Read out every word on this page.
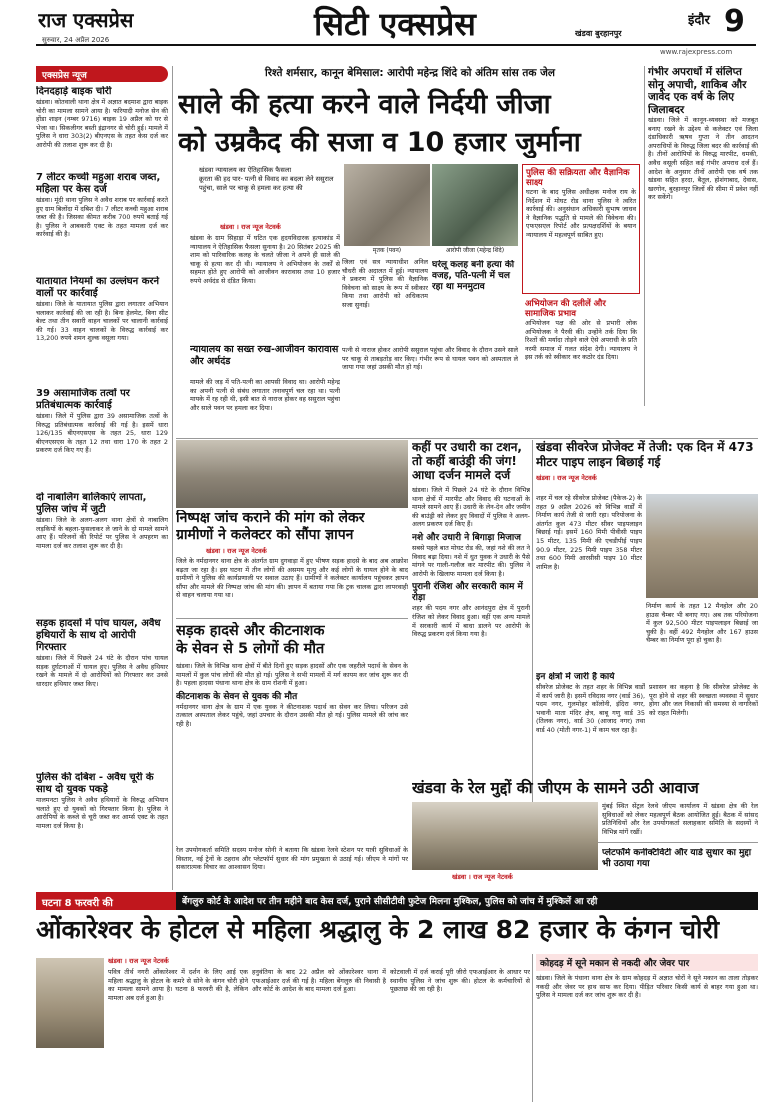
राज एक्सप्रेस
सुरुवार, 24 अप्रैल 2026	सिटी एक्सप्रेस	खंडवा बुरहानपुर
इंदौर 9
www.rajexpress.com
एक्सप्रेस न्यूज

दिनदहाड़े बाइक चोरी

खंडवा। कोतवाली थाना क्षेत्र में अज्ञात बदमाश द्वारा बाइक चोरी का मामला सामने आया है। फरियादी मनोज सेन की होंडा शाइन (नम्बर 9716) बाइक 19 अप्रैल को घर से भेजा था। सिकलीगर बस्ती इंद्रानगर से चोरी हुई। मामले में पुलिस ने धारा 303(2) बीएनएस के तहत केस दर्ज कर आरोपी की तलाश शुरू कर दी है।

7 लीटर कच्ची महुआ शराब जब्त, महिला पर केस दर्ज

खंडवा। मूंदी थाना पुलिस ने अवैध शराब पर कार्रवाई करते हुए ग्राम बिलोंदा में दबिश दी। 7 लीटर कच्ची महुआ शराब जब्त की है। जिसका कीमत करीब 700 रुपये बताई गई है। पुलिस ने आबकारी एक्ट के तहत मामला दर्ज कर कार्रवाई की है।

यातायात नियमों का उल्लंघन करने वालों पर कार्रवाई

खंडवा। जिले के यातायात पुलिस द्वारा लगातार अभियान चलाकर कार्रवाई की जा रही है। बिना हेलमेट, बिना सीट बेल्ट तथा तीन सवारी वाहन चालकों पर चालानी कार्रवाई की गई। 33 वाहन चालकों के विरुद्ध कार्रवाई कर 13,200 रुपये शमन शुल्क वसूला गया।

39 असामाजिक तत्वों पर प्रतिबंधात्मक कार्रवाई

खंडवा। जिले में पुलिस द्वारा 39 असामाजिक तत्वों के विरुद्ध प्रतिबंधात्मक कार्रवाई की गई है। इसमें धारा 126/135 बीएनएसएस के तहत 25, धारा 129 बीएनएसएस के तहत 12 तथा धारा 170 के तहत 2 प्रकरण दर्ज किए गए हैं।

दो नाबालिग बालिकाएं लापता, पुलिस जांच में जुटी

खंडवा। जिले के अलग-अलग थाना क्षेत्रों से नाबालिग लड़कियों के बहला-फुसलाकर ले जाने के दो मामले सामने आए हैं। परिजनों की रिपोर्ट पर पुलिस ने अपहरण का मामला दर्ज कर तलाश शुरू कर दी है।

सड़क हादसों में पांच घायल, अवैध हथियारों के साथ दो आरोपी गिरफ्तार

खंडवा। जिले में पिछले 24 घंटे के दौरान पांच घायल सड़क दुर्घटनाओं में घायल हुए। पुलिस ने अवैध हथियार रखने के मामले में दो आरोपियों को गिरफ्तार कर उनसे धारदार हथियार जब्त किए।

पुलिस की दबिश - अवैध चूरी के साथ दो युवक पकड़े

मालमनटा पुलिस ने अवैध हथियारों के विरुद्ध अभियान चलाते हुए दो युवकों को गिरफ्तार किया है। पुलिस ने आरोपियों के कब्जे से चूरी जब्त कर आर्म्स एक्ट के तहत मामला दर्ज किया है।

रिश्ते शर्मसार, कानून बेमिसाल: आरोपी महेन्द्र शिंदे को अंतिम सांस तक जेल
साले की हत्या करने वाले निर्दयी जीजा
को उम्रकैद की सजा व 10 हजार जुर्माना
• खंडवा न्यायालय का ऐतिहासिक फैसला
• क्रूरता की हद पार- पत्नी से विवाद का बदला लेने ससुराल पहुंचा, साले पर चाकू से हमला कर हत्या की
मृतक (पवन)	आरोपी जीजा (महेन्द्र शिंदे)
खंडवा । राज न्यूज नेटवर्क

खंडवा के ग्राम सिहाड़ा में घटित एक हृदयविदारक हत्याकांड में न्यायालय ने ऐतिहासिक फैसला सुनाया है। 20 सितंबर 2025 की शाम को पारिवारिक कलह के चलते जीजा ने अपने ही साले की चाकू से हत्या कर दी थी। न्यायालय ने अभियोजन के तर्कों से सहमत होते हुए आरोपी को आजीवन कारावास तथा 10 हजार रुपये अर्थदंड से दंडित किया।

जिला एवं सत्र न्यायाधीश अनिल चौधरी की अदालत में हुई। न्यायालय ने प्रकरण में पुलिस की वैज्ञानिक विवेचना को साक्ष्य के रूप में स्वीकार किया तथा आरोपी को अधिकतम सजा सुनाई।

घरेलू कलह बनी हत्या की वजह, पति-पत्नी में चल रहा था मनमुटाव
न्यायालय का सख्त रुख-आजीवन कारावास और अर्थदंड

मामले की जड़ में पति-पत्नी का आपसी विवाद था। आरोपी महेन्द्र का अपनी पत्नी से संबंध लगातार तनावपूर्ण चल रहा था। पत्नी मायके में रह रही थी, इसी बात से नाराज होकर वह ससुराल पहुंचा और साले पवन पर हमला कर दिया।

पत्नी से नाराज होकर आरोपी ससुराल पहुंचा और विवाद के दौरान उसने साले पर चाकू से ताबड़तोड़ वार किए। गंभीर रूप से घायल पवन को अस्पताल ले जाया गया जहां उसकी मौत हो गई।

पुलिस की सक्रियता और वैज्ञानिक साक्ष्य

घटना के बाद पुलिस अधीक्षक मनोज राय के निर्देशन में मोघट रोड थाना पुलिस ने त्वरित कार्रवाई की। अनुसंधान अधिकारी सुभाष जाधव ने वैज्ञानिक पद्धति से मामले की विवेचना की। एफएसएल रिपोर्ट और प्रत्यक्षदर्शियों के बयान न्यायालय में महत्वपूर्ण साबित हुए।

अभियोजन की दलीलें और सामाजिक प्रभाव

अभियोजन पक्ष की ओर से प्रभारी लोक अभियोजक ने पैरवी की। उन्होंने तर्क दिया कि रिश्तों की मर्यादा तोड़ने वाले ऐसे अपराधी के प्रति नरमी समाज में गलत संदेश देगी। न्यायालय ने इस तर्क को स्वीकार कर कठोर दंड दिया।

गंभीर अपराधों में संलिप्त सोनू अपाची, शाकिब और जावेद एक वर्ष के लिए जिलाबदर

खंडवा। जिले में कानून-व्यवस्था को मजबूत बनाए रखने के उद्देश्य से कलेक्टर एवं जिला दंडाधिकारी ऋषव गुप्ता ने तीन आदतन अपराधियों के विरुद्ध जिला बदर की कार्रवाई की है। तीनों आरोपियों के विरुद्ध मारपीट, धमकी, अवैध वसूली सहित कई गंभीर अपराध दर्ज हैं। आदेश के अनुसार तीनों आरोपी एक वर्ष तक खंडवा सहित हरदा, बैतूल, होशंगाबाद, देवास, खरगोन, बुरहानपुर जिलों की सीमा में प्रवेश नहीं कर सकेंगे।

कहीं पर उधारी का टशन,

तो कहीं बाउंड्री की जंग!

आधा दर्जन मामले दर्ज

खंडवा। जिले में पिछले 24 घंटे के दौरान विभिन्न थाना क्षेत्रों में मारपीट और विवाद की घटनाओं के मामले सामने आए हैं। उधारी के लेन-देन और जमीन की बाउंड्री को लेकर हुए विवादों में पुलिस ने अलग-अलग प्रकरण दर्ज किए हैं।

नशे और उधारी ने बिगाड़ा मिजाज

सबसे पहले बात मोघट रोड की, जहां नशे की लत ने विवाद बढ़ा दिया। नशे में धुत युवक ने उधारी के पैसे मांगने पर गाली-गलौज कर मारपीट की। पुलिस ने आरोपी के खिलाफ मामला दर्ज किया है।

पुरानी रंजिश और सरकारी काम में रोड़ा

शहर की पदम नगर और आनंदपुरा क्षेत्र में पुरानी रंजिश को लेकर विवाद हुआ। वहीं एक अन्य मामले में सरकारी कार्य में बाधा डालने पर आरोपी के विरुद्ध प्रकरण दर्ज किया गया है।

निष्पक्ष जांच कराने की मांग को लेकर
ग्रामीणों ने कलेक्टर को सौंपा ज्ञापन
खंडवा । राज न्यूज नेटवर्क

जिले के नर्मदानगर थाना क्षेत्र के अंतर्गत ग्राम दुगवाड़ा में हुए भीषण सड़क हादसे के बाद अब आक्रोश बढ़ता जा रहा है। इस घटना में तीन लोगों की असमय मृत्यु और कई लोगों के घायल होने के बाद ग्रामीणों ने पुलिस की कार्यप्रणाली पर सवाल उठाए हैं। ग्रामीणों ने कलेक्टर कार्यालय पहुंचकर ज्ञापन सौंपा और मामले की निष्पक्ष जांच की मांग की। ज्ञापन में बताया गया कि ट्रक चालक द्वारा लापरवाही से वाहन चलाया गया था।

सड़क हादसे और कीटनाशक
के सेवन से 5 लोगों की मौत

खंडवा। जिले के विभिन्न थाना क्षेत्रों में बीते दिनों हुए सड़क हादसों और एक जहरीले पदार्थ के सेवन के मामलों में कुल पांच लोगों की मौत हो गई। पुलिस ने सभी मामलों में मर्ग कायम कर जांच शुरू कर दी है। पहला हादसा पंधाना थाना क्षेत्र के ग्राम रोशनी में हुआ।

कीटनाशक के सेवन से युवक की मौत

नर्मदानगर थाना क्षेत्र के ग्राम में एक युवक ने कीटनाशक पदार्थ का सेवन कर लिया। परिजन उसे तत्काल अस्पताल लेकर पहुंचे, जहां उपचार के दौरान उसकी मौत हो गई। पुलिस मामले की जांच कर रही है।

खंडवा सीवरेज प्रोजेक्ट में तेजी: एक दिन में 473 मीटर पाइप लाइन बिछाई गई

खंडवा । राज न्यूज नेटवर्क

शहर में चल रहे सीवरेज प्रोजेक्ट (पैकेज-2) के तहत 9 अप्रैल 2026 को विभिन्न वार्डों में निर्माण कार्य तेजी से जारी रहा। परियोजना के अंतर्गत कुल 473 मीटर सीवर पाइपलाइन बिछाई गई। इसमें 160 मिमी पीवीसी पाइप 15 मीटर, 135 मिमी की एचडीपीई पाइप 90.9 मीटर, 225 मिमी पाइप 358 मीटर तथा 600 मिमी आरसीसी पाइप 10 मीटर शामिल है।

निर्माण कार्य के तहत 12 मैनहोल और 20 हाउस चैम्बर भी बनाए गए। अब तक परियोजना में कुल 92,500 मीटर पाइपलाइन बिछाई जा चुकी है। वहीं 492 मैनहोल और 167 हाउस चैम्बर का निर्माण पूरा हो चुका है।

इन क्षेत्रों में जारी है कार्य

सीवरेज प्रोजेक्ट के तहत शहर के विभिन्न वार्डों में कार्य जारी है। इसमें रविदास नगर (वार्ड 36), पदम नगर, गुलमोहर कॉलोनी, इंदिरा नगर, भवानी माता मंदिर क्षेत्र, बाबू गणु वार्ड 35 (तिलक नगर), वार्ड 30 (आजाद नगर) तथा वार्ड 40 (मोती नगर-1) में काम चल रहा है।

प्रशासन का कहना है कि सीवरेज प्रोजेक्ट के पूरा होने से शहर की स्वच्छता व्यवस्था में सुधार होगा और जल निकासी की समस्या से नागरिकों को राहत मिलेगी।

खंडवा के रेल मुद्दों की जीएम के सामने उठी आवाज

मुंबई स्थित सेंट्रल रेलवे जीएम कार्यालय में खंडवा क्षेत्र की रेल सुविधाओं को लेकर महत्वपूर्ण बैठक आयोजित हुई। बैठक में सांसद प्रतिनिधियों और रेल उपयोगकर्ता सलाहकार समिति के सदस्यों ने विभिन्न मांगें रखीं।

खंडवा । राज न्यूज नेटवर्क

रेल उपयोगकर्ता समिति सदस्य मनोज सोनी ने बताया कि खंडवा रेलवे स्टेशन पर यात्री सुविधाओं के विस्तार, नई ट्रेनों के ठहराव और प्लेटफॉर्म सुधार की मांग प्रमुखता से उठाई गई। जीएम ने मांगों पर सकारात्मक विचार का आश्वासन दिया।

प्लेटफॉर्म कनेक्टिविटी और यार्ड सुधार का मुद्दा भी उठाया गया

घटना 8 फरवरी की	बेंगलुरु कोर्ट के आदेश पर तीन महीने बाद केस दर्ज, पुराने सीसीटीवी फुटेज मिलना मुश्किल, पुलिस को जांच में मुश्किलें आ रही
ओंकारेश्वर के होटल से महिला श्रद्धालु के 2 लाख 82 हजार के कंगन चोरी
खंडवा । राज न्यूज नेटवर्क

पवित्र तीर्थ नगरी ओंकारेश्वर में दर्शन के लिए आई एक महिला श्रद्धालु के होटल के कमरे से सोने के कंगन चोरी होने का मामला सामने आया है। घटना 8 फरवरी की है, लेकिन मामला अब दर्ज हुआ है।

हनुवंतिया के बाद 22 अप्रैल को ओंकारेश्वर थाना में एफआईआर दर्ज की गई है। महिला बेंगलुरु की निवासी है और कोर्ट के आदेश के बाद मामला दर्ज हुआ।

कोटवाली में दर्ज कराई पूरी जीरो एफआईआर के आधार पर स्थानीय पुलिस ने जांच शुरू की। होटल के कर्मचारियों से पूछताछ की जा रही है।

कोहदड़ में सूने मकान से नकदी और जेवर पार

खंडवा। जिले के पंधाना थाना क्षेत्र के ग्राम कोहदड़ में अज्ञात चोरों ने सूने मकान का ताला तोड़कर नकदी और जेवर पर हाथ साफ कर दिया। पीड़ित परिवार किसी कार्य से बाहर गया हुआ था। पुलिस ने मामला दर्ज कर जांच शुरू कर दी है।
